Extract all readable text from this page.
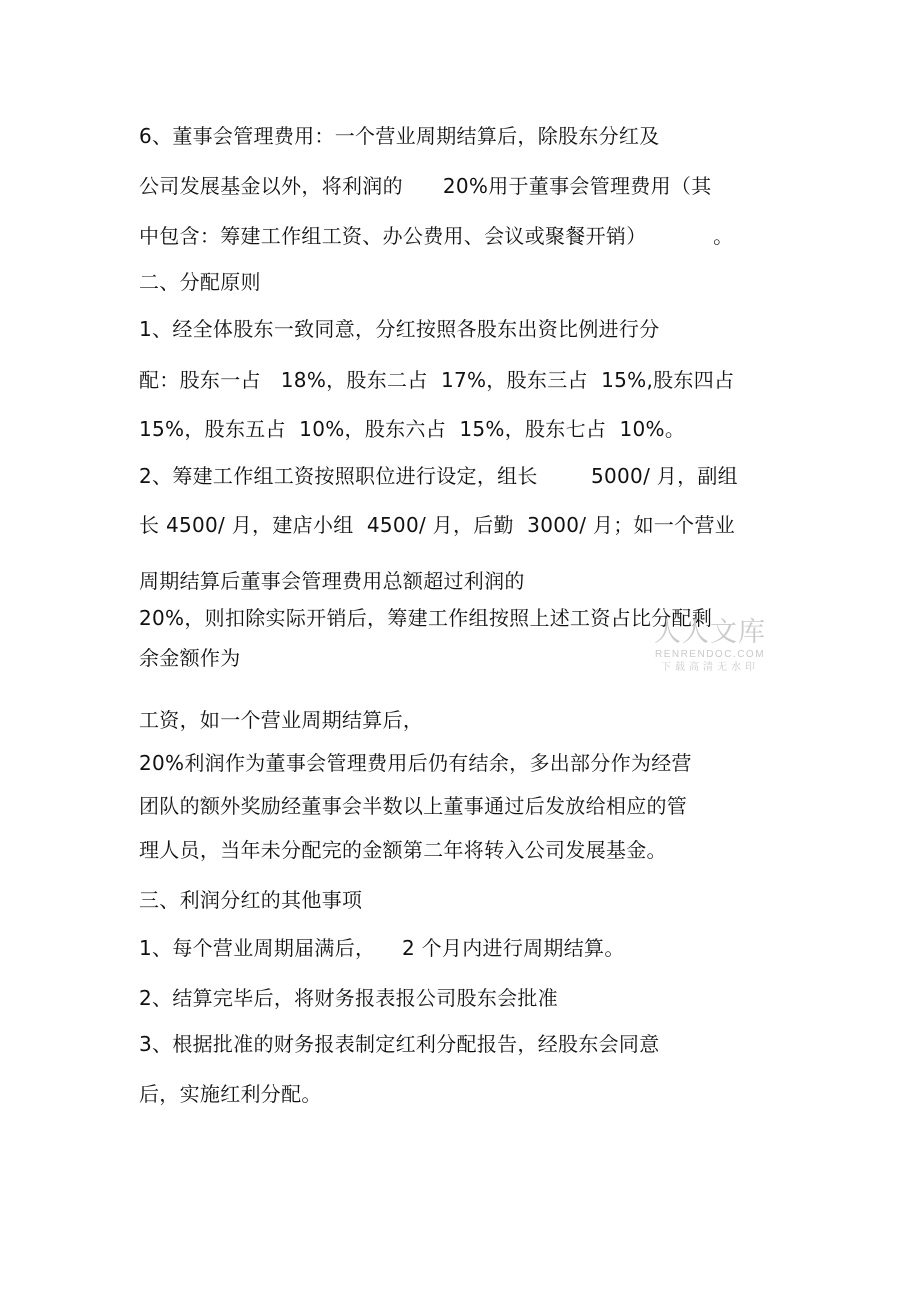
6、董事会管理费用：一个营业周期结算后，除股东分红及
公司发展基金以外，将利润的      20%用于董事会管理费用（其
中包含：筹建工作组工资、办公费用、会议或聚餐开销）          。
二、分配原则
1、经全体股东一致同意，分红按照各股东出资比例进行分
配：股东一占   18%，股东二占  17%，股东三占  15%,股东四占
15%，股东五占  10%，股东六占  15%，股东七占  10%。
2、筹建工作组工资按照职位进行设定，组长        5000/ 月，副组
长 4500/ 月，建店小组  4500/ 月，后勤  3000/ 月；如一个营业
周期结算后董事会管理费用总额超过利润的
20%，则扣除实际开销后，筹建工作组按照上述工资占比分配剩
余金额作为
工资，如一个营业周期结算后，
20%利润作为董事会管理费用后仍有结余，多出部分作为经营
团队的额外奖励经董事会半数以上董事通过后发放给相应的管
理人员，当年未分配完的金额第二年将转入公司发展基金。
三、利润分红的其他事项
1、每个营业周期届满后，    2 个月内进行周期结算。
2、结算完毕后，将财务报表报公司股东会批准
3、根据批准的财务报表制定红利分配报告，经股东会同意
后，实施红利分配。
人人文库
RENRENDOC.COM
下载高清无水印
